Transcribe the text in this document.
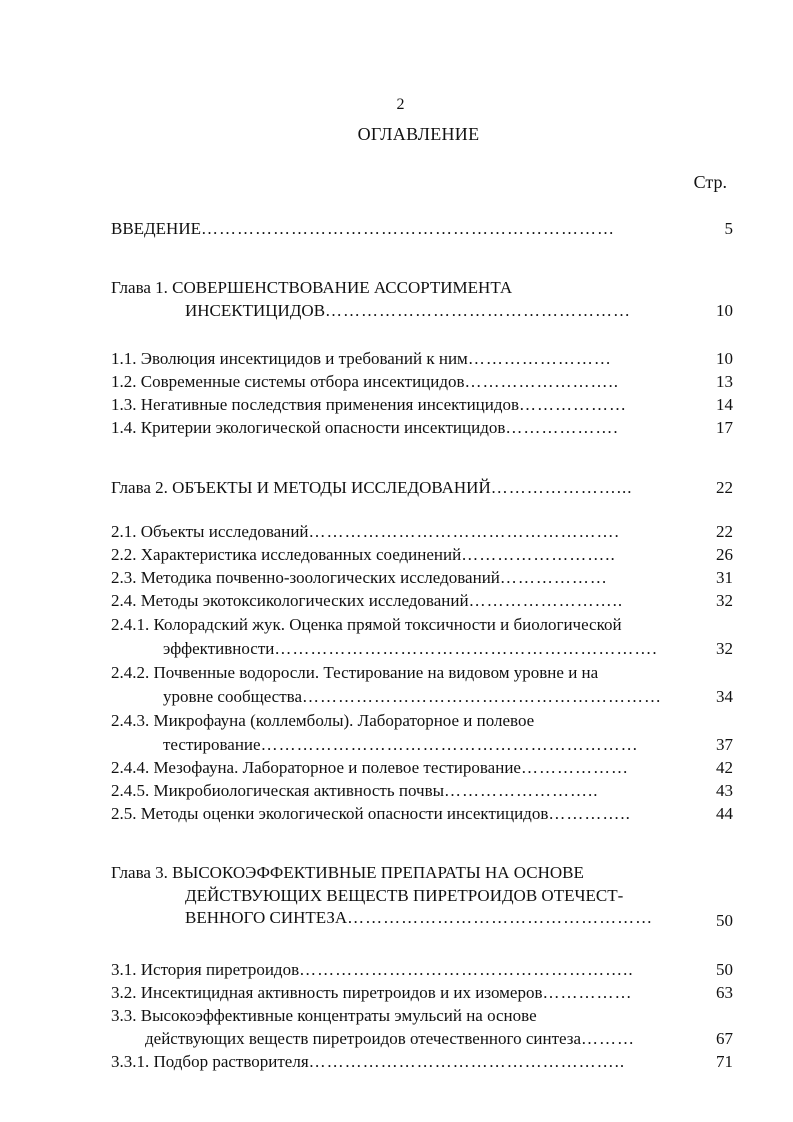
2
ОГЛАВЛЕНИЕ
Стр.
ВВЕДЕНИЕ……………………………………………………………	5
Глава 1. СОВЕРШЕНСТВОВАНИЕ АССОРТИМЕНТА
ИНСЕКТИЦИДОВ……………………………………………	10
1.1. Эволюция инсектицидов и требований к ним……………………	10
1.2. Современные системы отбора инсектицидов……………………..	13
1.3. Негативные последствия применения инсектицидов………………	14
1.4. Критерии экологической опасности инсектицидов……………….	17
Глава 2. ОБЪЕКТЫ И МЕТОДЫ ИССЛЕДОВАНИЙ…………………...	22
2.1. Объекты исследований…………………………………………….	22
2.2. Характеристика исследованных соединений……………………..	26
2.3. Методика почвенно-зоологических исследований………………	31
2.4. Методы экотоксикологических исследований……………………..	32
2.4.1. Колорадский жук. Оценка прямой токсичности и биологической
эффективности……………………………………………………….	32
2.4.2. Почвенные водоросли. Тестирование на видовом уровне и на
уровне сообщества……………………………………………………	34
2.4.3. Микрофауна (коллемболы). Лабораторное и полевое
тестирование………………………………………………………	37
2.4.4. Мезофауна. Лабораторное и полевое тестирование………………	42
2.4.5. Микробиологическая активность почвы……………………..	43
2.5. Методы оценки экологической опасности инсектицидов…………..	44
Глава 3. ВЫСОКОЭФФЕКТИВНЫЕ ПРЕПАРАТЫ НА ОСНОВЕ
ДЕЙСТВУЮЩИХ ВЕЩЕСТВ ПИРЕТРОИДОВ ОТЕЧЕСТ-
ВЕННОГО СИНТЕЗА……………………………………………	50
3.1. История пиретроидов………………………………………………..	50
3.2. Инсектицидная активность пиретроидов и их изомеров……………	63
3.3. Высокоэффективные концентраты эмульсий на основе
действующих веществ пиретроидов отечественного синтеза………	67
3.3.1. Подбор растворителя……………………………………………..	71
